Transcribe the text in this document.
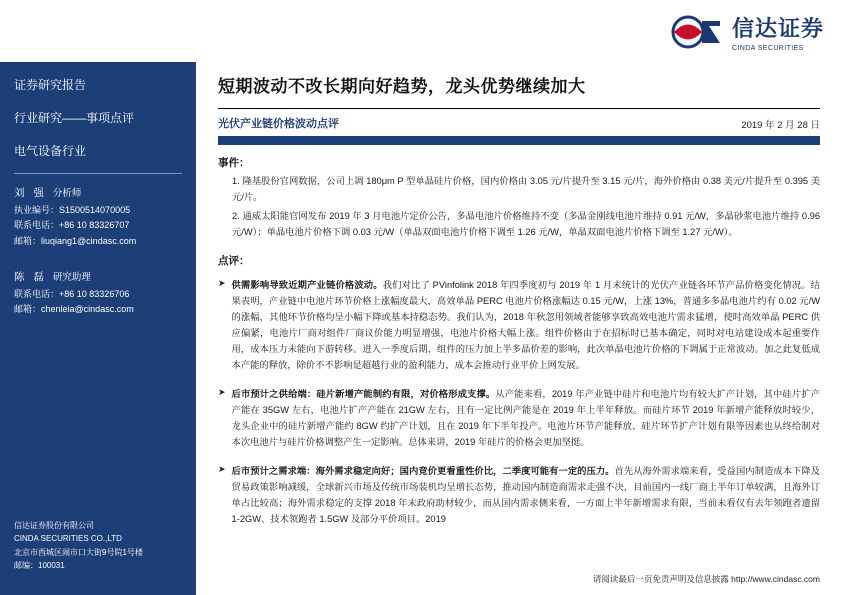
信达证券
CINDA SECURITIES
证券研究报告
行业研究——事项点评
电气设备行业
刘 强 分析师
执业编号：S1500514070005
联系电话：+86 10 83326707
邮箱：liuqiang1@cindasc.com
陈 磊 研究助理
联系电话：+86 10 83326706
邮箱：chenleia@cindasc.com
信达证券股份有限公司
CINDA SECURITIES CO.,LTD
北京市西城区闹市口大街9号院1号楼
邮编：100031
短期波动不改长期向好趋势，龙头优势继续加大
光伏产业链价格波动点评	2019 年 2 月 28 日
事件：
1. 隆基股份官网数据，公司上调 180μm P 型单晶硅片价格，国内价格由 3.05 元/片提升至 3.15 元/片，海外价格由 0.38 美元/片提升至 0.395 美元/片。
2. 通威太阳能官网发布 2019 年 3 月电池片定价公告，多晶电池片价格维持不变（多晶金刚线电池片维持 0.91 元/W，多晶砂浆电池片维持 0.96 元/W）；单晶电池片价格下调 0.03 元/W（单晶双面电池片价格下调至 1.26 元/W，单晶双面电池片价格下调至 1.27 元/W）。
点评：
➤ 供需影响导致近期产业链价格波动。我们对比了 PVinfolink 2018 年四季度初与 2019 年 1 月末统计的光伏产业链各环节产品价格变化情况。结果表明，产业链中电池片环节价格上涨幅度最大，高效单晶 PERC 电池片价格涨幅达 0.15 元/W，上涨 13%，普通多多晶电池片约有 0.02 元/W 的涨幅，其他环节价格均呈小幅下降或基本持稳态势。我们认为，2018 年秋忽用领域者能够享致高效电池片需求猛增，使时高效单晶 PERC 供应偏紧，电池片厂商对组件厂商议价能力明显增强，电池片价格大幅上涨。组件价格由于在招标时已基本确定，同时对电站建设成本起重要作用，成本压力未能向下游转移。进入一季度后期，组件的压力加上半多晶价差的影响，此次单晶电池片价格的下调属于正常波动。加之此复低成本产能的释放，除价不不影响是超越行业的盈利能力，成本会推动行业平价上网发展。
➤ 后市预计之供给端：硅片新增产能制约有限，对价格形成支撑。从产能来看，2019 年产业链中硅片和电池片均有较大扩产计划，其中硅片扩产产能在 35GW 左右，电池片扩产产能在 21GW 左右，且有一定比例产能是在 2019 年上半年释放。而硅片环节 2019 年新增产能释放时较少，龙头企业中的硅片新增产能约 8GW 约扩产计划，且在 2019 年下半年投产。电池片环节产能释放、硅片环节扩产计划有限等因素也从终给制对本次电池片与硅片价格调整产生一定影响。总体来讲，2019 年硅片的价格会更加坚挺。
➤ 后市预计之需求端：海外需求稳定向好；国内竞价更看重性价比，二季度可能有一定的压力。首先从海外需求端来看，受益国内制造成本下降及贸易政策影响减缓，全球新兴市场及传统市场装机均呈增长态势，推动国内制造商需求走强不决，目前国内一线厂商上半年订单较满，且海外订单占比较高；海外需求稳定的支撑 2018 年末政府助材较少，而从国内需求侧来看，一方面上半年新增需求有限，当前未看仅有去年领跑者遗留 1-2GW、技术领跑者 1.5GW 及部分平价项目。2019
请阅读最后一页免责声明及信息披露 http://www.cindasc.com
